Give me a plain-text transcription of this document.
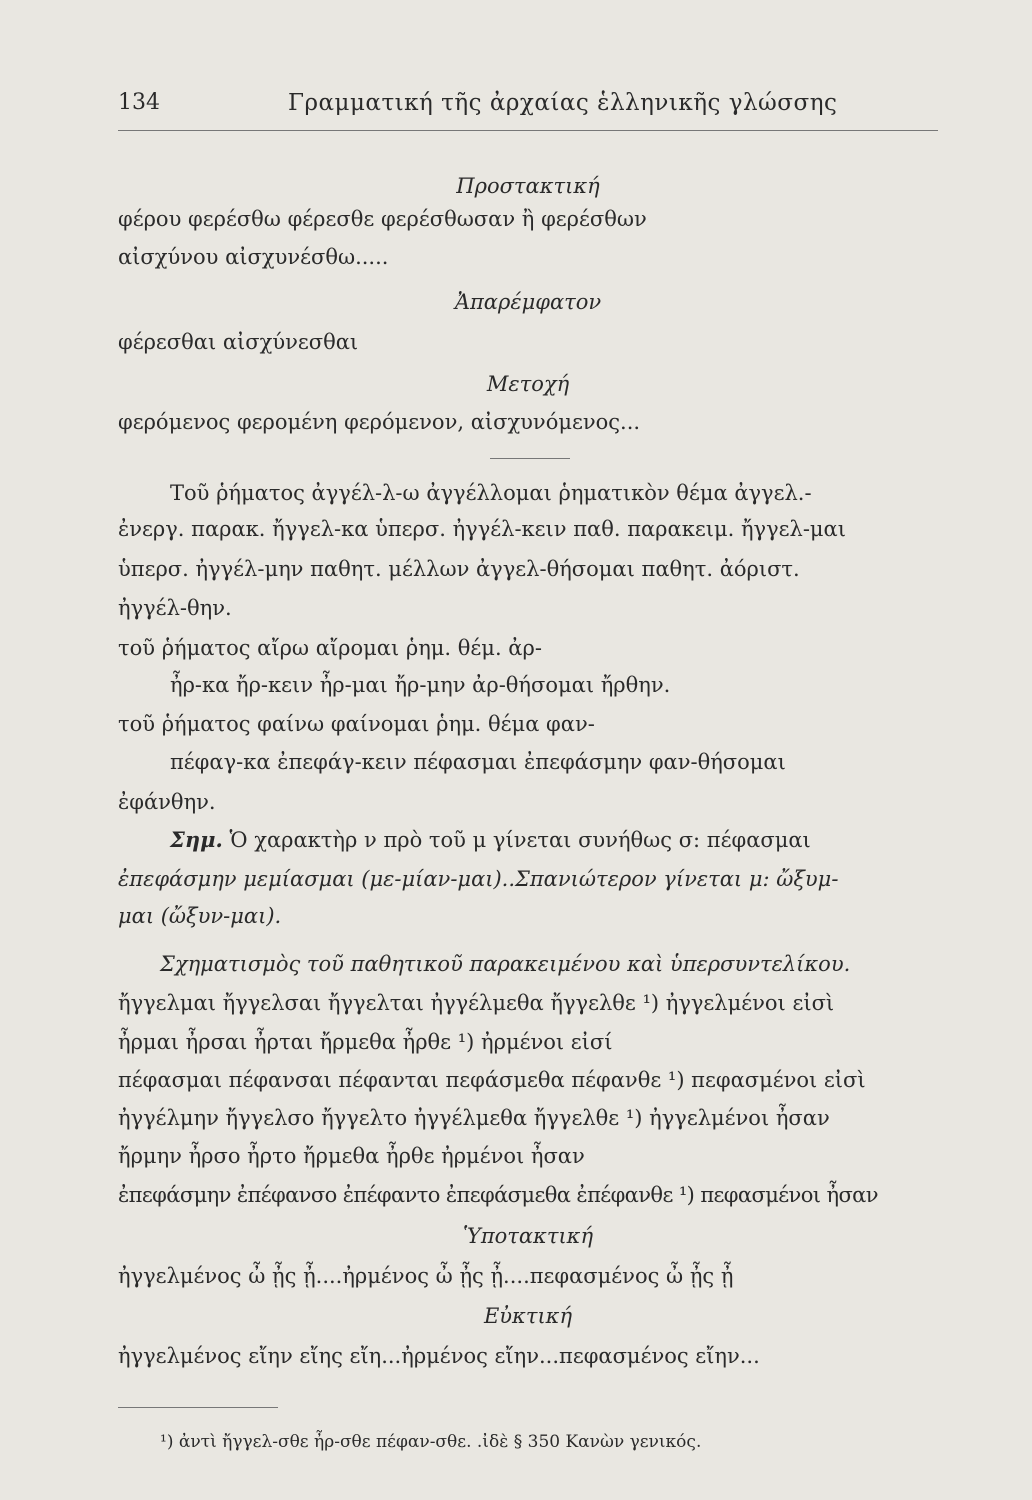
134	Γραμματική τῆς ἀρχαίας ἑλληνικῆς γλώσσης
Προστακτική
φέρου φερέσθω φέρεσθε φερέσθωσαν ἢ φερέσθων
αἰσχύνου αἰσχυνέσθω.....
Ἀπαρέμφατον
φέρεσθαι αἰσχύνεσθαι
Μετοχή
φερόμενος φερομένη φερόμενον, αἰσχυνόμενος...
Τοῦ ῥήματος ἀγγέλ-λ-ω ἀγγέλλομαι ῥηματικὸν θέμα ἀγγελ.-
ἐνεργ. παρακ. ἤγγελ-κα ὑπερσ. ἠγγέλ-κειν παθ. παρακειμ. ἤγγελ-μαι
ὑπερσ. ἠγγέλ-μην παθητ. μέλλων ἀγγελ-θήσομαι παθητ. ἀόριστ.
ἠγγέλ-θην.
τοῦ ῥήματος αἴρω αἴρομαι ῥημ. θέμ. ἀρ-
ἦρ-κα ἤρ-κειν ἦρ-μαι ἤρ-μην ἀρ-θήσομαι ἤρθην.
τοῦ ῥήματος φαίνω φαίνομαι ῥημ. θέμα φαν-
πέφαγ-κα ἐπεφάγ-κειν πέφασμαι ἐπεφάσμην φαν-θήσομαι
ἐφάνθην.
Σημ. Ὁ χαρακτὴρ ν πρὸ τοῦ μ γίνεται συνήθως σ: πέφασμαι
ἐπεφάσμην μεμίασμαι (με-μίαν-μαι)..Σπανιώτερον γίνεται μ: ὤξυμ-
μαι (ὤξυν-μαι).
Σχηματισμὸς τοῦ παθητικοῦ παρακειμένου καὶ ὑπερσυντελίκου.
ἤγγελμαι ἤγγελσαι ἤγγελται ἠγγέλμεθα ἤγγελθε ¹) ἠγγελμένοι εἰσὶ
ἦρμαι ἦρσαι ἦρται ἤρμεθα ἦρθε ¹) ἠρμένοι εἰσί
πέφασμαι πέφανσαι πέφανται πεφάσμεθα πέφανθε ¹) πεφασμένοι εἰσὶ
ἠγγέλμην ἤγγελσο ἤγγελτο ἠγγέλμεθα ἤγγελθε ¹) ἠγγελμένοι ἦσαν
ἤρμην ἦρσο ἦρτο ἤρμεθα ἦρθε ἠρμένοι ἦσαν
ἐπεφάσμην ἐπέφανσο ἐπέφαντο ἐπεφάσμεθα ἐπέφανθε ¹) πεφασμένοι ἦσαν
Ὑποτακτική
ἠγγελμένος ὦ ᾖς ᾖ....ἠρμένος ὦ ᾖς ᾖ....πεφασμένος ὦ ᾖς ᾖ
Εὐκτική
ἠγγελμένος εἴην εἴης εἴη...ἠρμένος εἴην...πεφασμένος εἴην...
¹) ἀντὶ ἤγγελ-σθε ἦρ-σθε πέφαν-σθε. .ἰδὲ § 350 Κανὼν γενικός.
